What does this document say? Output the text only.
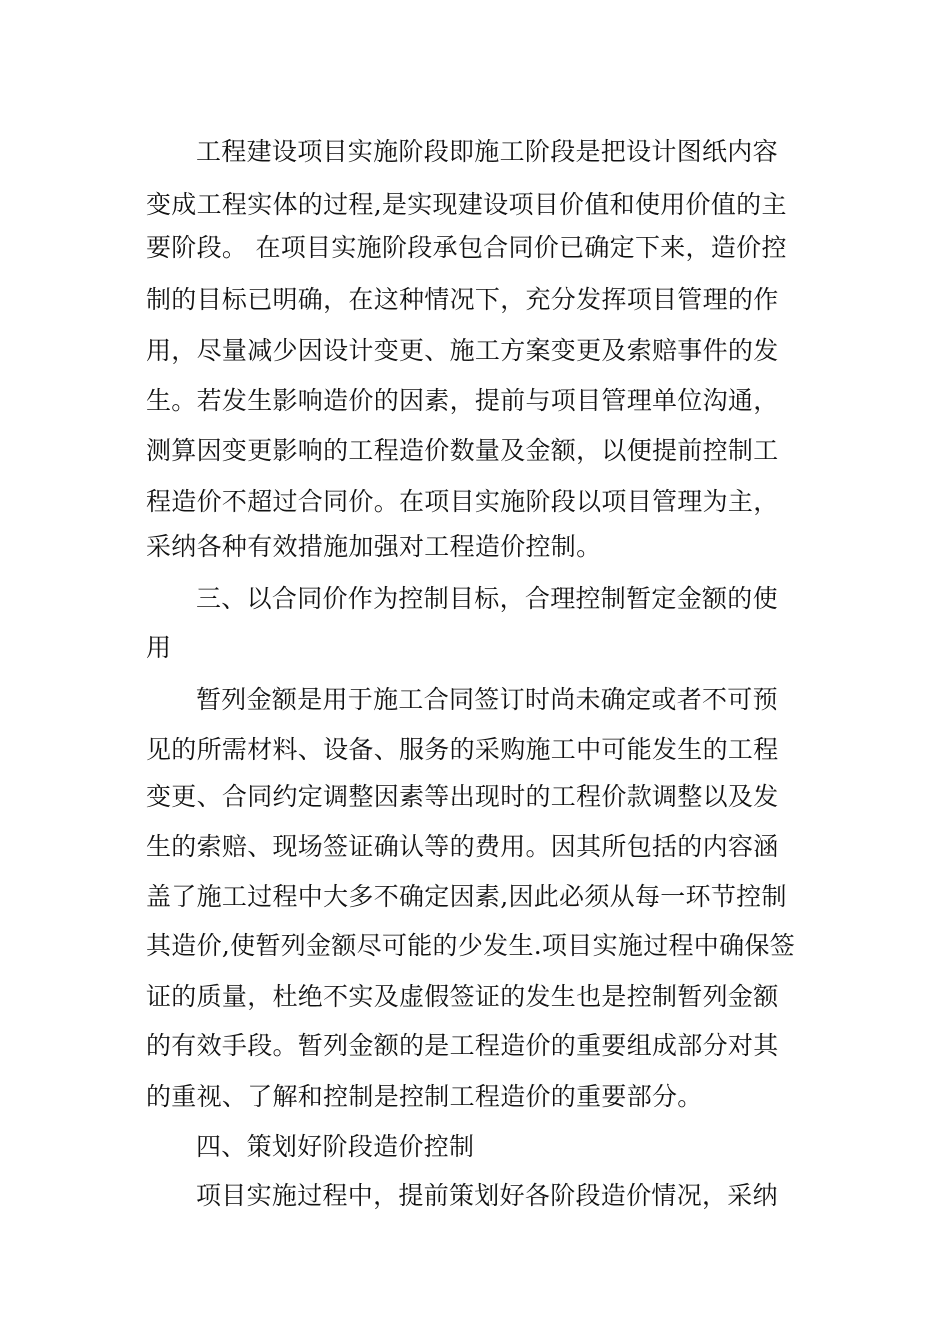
工程建设项目实施阶段即施工阶段是把设计图纸内容

变成工程实体的过程,是实现建设项目价值和使用价值的主

要阶段。 在项目实施阶段承包合同价已确定下来，造价控

制的目标已明确，在这种情况下，充分发挥项目管理的作

用，尽量减少因设计变更、施工方案变更及索赔事件的发

生。若发生影响造价的因素，提前与项目管理单位沟通，

测算因变更影响的工程造价数量及金额，以便提前控制工

程造价不超过合同价。在项目实施阶段以项目管理为主，

采纳各种有效措施加强对工程造价控制。

三、以合同价作为控制目标，合理控制暂定金额的使

用

暂列金额是用于施工合同签订时尚未确定或者不可预

见的所需材料、设备、服务的采购施工中可能发生的工程

变更、合同约定调整因素等出现时的工程价款调整以及发

生的索赔、现场签证确认等的费用。因其所包括的内容涵

盖了施工过程中大多不确定因素,因此必须从每一环节控制

其造价,使暂列金额尽可能的少发生.项目实施过程中确保签

证的质量，杜绝不实及虚假签证的发生也是控制暂列金额

的有效手段。暂列金额的是工程造价的重要组成部分对其

的重视、了解和控制是控制工程造价的重要部分。

四、策划好阶段造价控制

项目实施过程中，提前策划好各阶段造价情况，采纳
